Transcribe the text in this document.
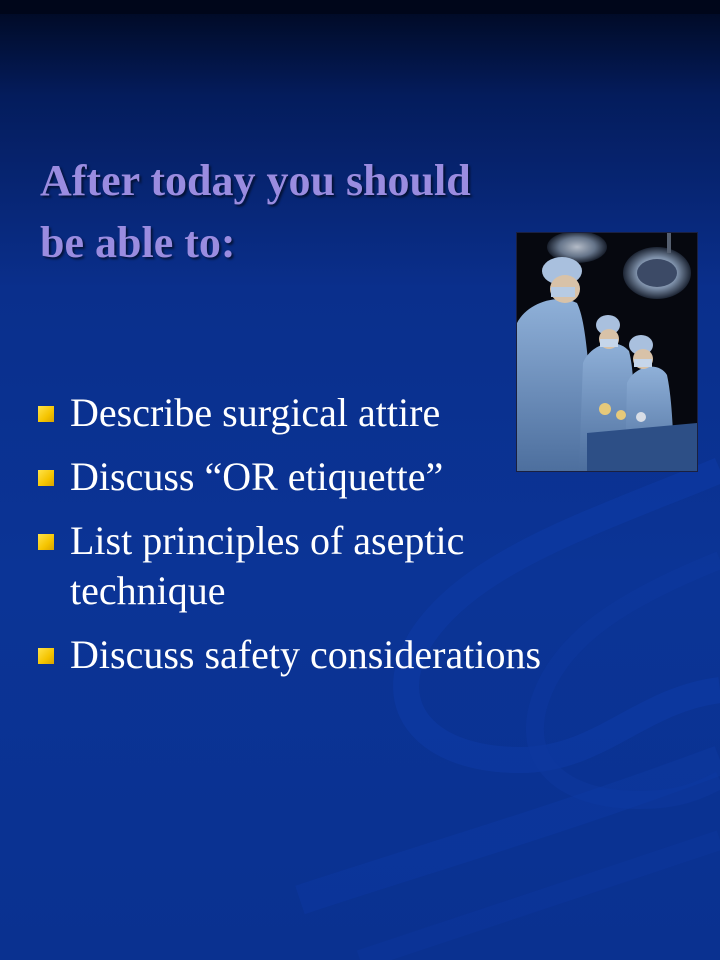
After today you should
be able to:
Describe surgical attire
Discuss “OR etiquette”
List principles of aseptic technique
Discuss safety considerations
